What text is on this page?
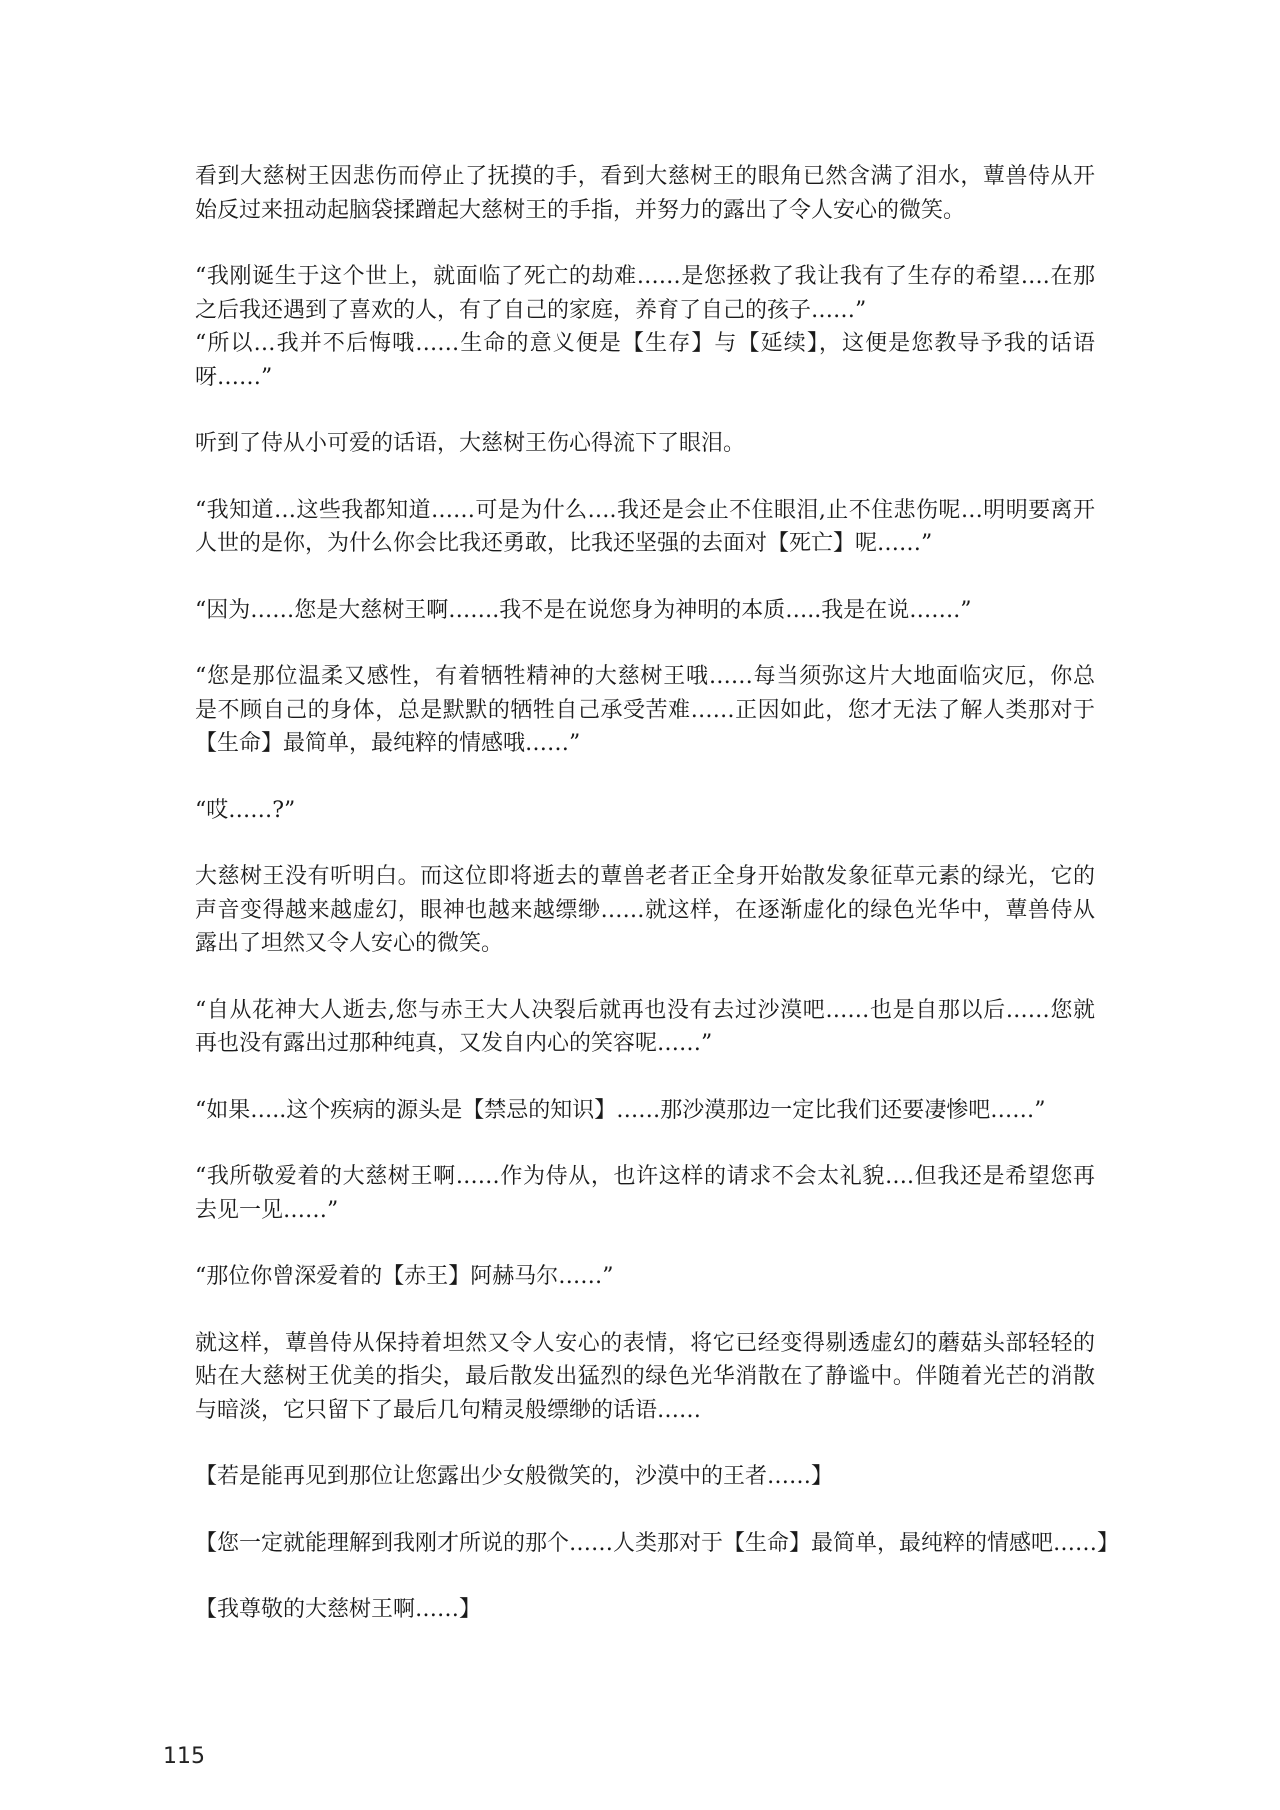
看到大慈树王因悲伤而停止了抚摸的手，看到大慈树王的眼角已然含满了泪水，蕈兽侍从开
始反过来扭动起脑袋揉蹭起大慈树王的手指，并努力的露出了令人安心的微笑。

“我刚诞生于这个世上，就面临了死亡的劫难……是您拯救了我让我有了生存的希望….在那
之后我还遇到了喜欢的人，有了自己的家庭，养育了自己的孩子……”

“所以…我并不后悔哦……生命的意义便是【生存】与【延续】，这便是您教导予我的话语
呀……”

听到了侍从小可爱的话语，大慈树王伤心得流下了眼泪。

“我知道…这些我都知道……可是为什么….我还是会止不住眼泪,止不住悲伤呢…明明要离开
人世的是你，为什么你会比我还勇敢，比我还坚强的去面对【死亡】呢……”

“因为……您是大慈树王啊…….我不是在说您身为神明的本质…..我是在说…….”

“您是那位温柔又感性，有着牺牲精神的大慈树王哦……每当须弥这片大地面临灾厄，你总
是不顾自己的身体，总是默默的牺牲自己承受苦难……正因如此，您才无法了解人类那对于
【生命】最简单，最纯粹的情感哦……”

“哎……?”

大慈树王没有听明白。而这位即将逝去的蕈兽老者正全身开始散发象征草元素的绿光，它的
声音变得越来越虚幻，眼神也越来越缥缈……就这样，在逐渐虚化的绿色光华中，蕈兽侍从
露出了坦然又令人安心的微笑。

“自从花神大人逝去,您与赤王大人决裂后就再也没有去过沙漠吧……也是自那以后……您就
再也没有露出过那种纯真，又发自内心的笑容呢……”

“如果…..这个疾病的源头是【禁忌的知识】……那沙漠那边一定比我们还要凄惨吧……”

“我所敬爱着的大慈树王啊……作为侍从，也许这样的请求不会太礼貌….但我还是希望您再
去见一见……”

“那位你曾深爱着的【赤王】阿赫马尔……”

就这样，蕈兽侍从保持着坦然又令人安心的表情，将它已经变得剔透虚幻的蘑菇头部轻轻的
贴在大慈树王优美的指尖，最后散发出猛烈的绿色光华消散在了静谧中。伴随着光芒的消散
与暗淡，它只留下了最后几句精灵般缥缈的话语……

【若是能再见到那位让您露出少女般微笑的，沙漠中的王者……】

【您一定就能理解到我刚才所说的那个……人类那对于【生命】最简单，最纯粹的情感吧……】

【我尊敬的大慈树王啊……】

115
